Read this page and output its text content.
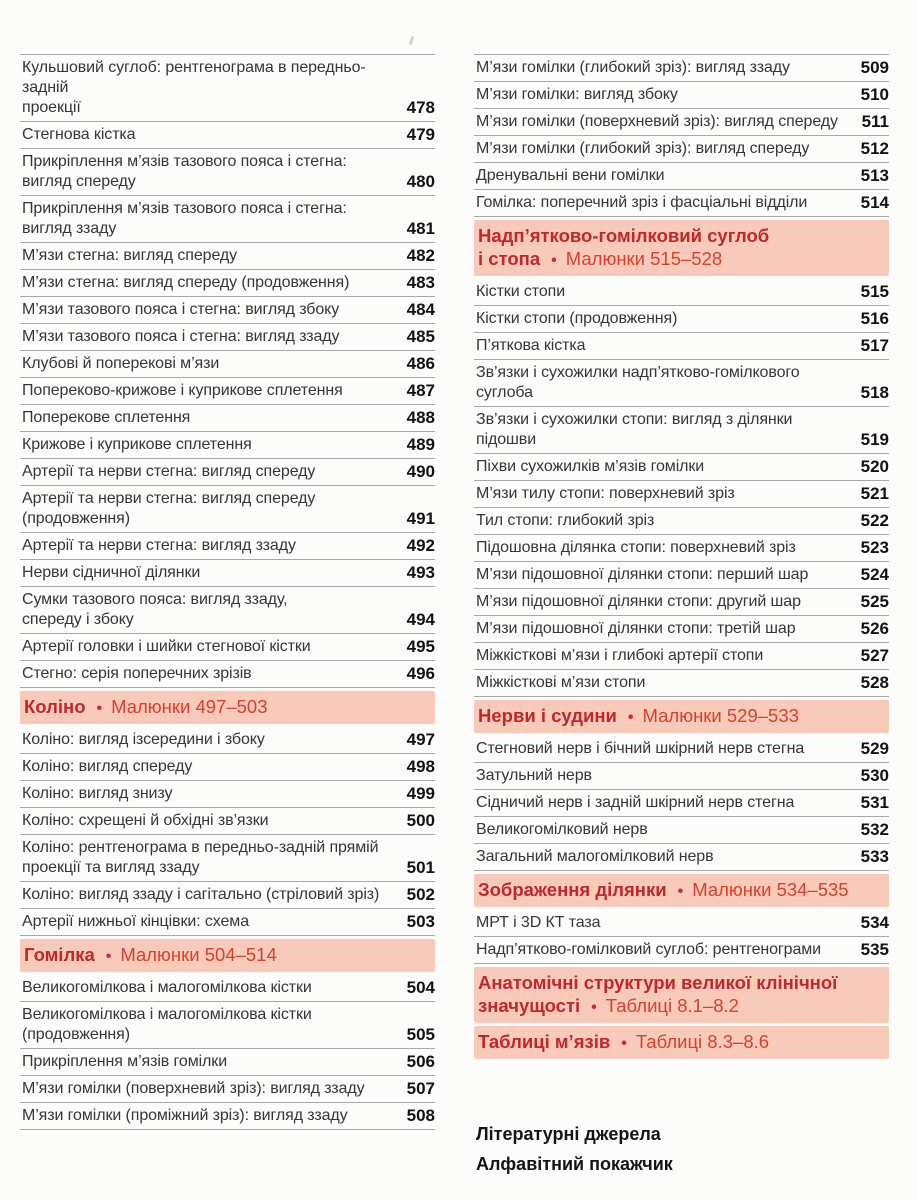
Кульшовий суглоб: рентгенограма в передньо-задній
проекції	478
Стегнова кістка	479
Прикріплення м’язів тазового пояса і стегна:
вигляд спереду	480
Прикріплення м’язів тазового пояса і стегна:
вигляд ззаду	481
М’язи стегна: вигляд спереду	482
М’язи стегна: вигляд спереду (продовження)	483
М’язи тазового пояса і стегна: вигляд збоку	484
М’язи тазового пояса і стегна: вигляд ззаду	485
Клубові й поперекові м’язи	486
Попереково-крижове і куприкове сплетення	487
Поперекове сплетення	488
Крижове і куприкове сплетення	489
Артерії та нерви стегна: вигляд спереду	490
Артерії та нерви стегна: вигляд спереду
(продовження)	491
Артерії та нерви стегна: вигляд ззаду	492
Нерви сідничної ділянки	493
Сумки тазового пояса: вигляд ззаду,
спереду і збоку	494
Артерії головки і шийки стегнової кістки	495
Стегно: серія поперечних зрізів	496
Коліно • Малюнки 497–503
Коліно: вигляд ізсередини і збоку	497
Коліно: вигляд спереду	498
Коліно: вигляд знизу	499
Коліно: схрещені й обхідні зв’язки	500
Коліно: рентгенограма в передньо-задній прямій
проекції та вигляд ззаду	501
Коліно: вигляд ззаду і сагітально (стріловий зріз)	502
Артерії нижньої кінцівки: схема	503
Гомілка • Малюнки 504–514
Великогомілкова і малогомілкова кістки	504
Великогомілкова і малогомілкова кістки
(продовження)	505
Прикріплення м’язів гомілки	506
М’язи гомілки (поверхневий зріз): вигляд ззаду	507
М’язи гомілки (проміжний зріз): вигляд ззаду	508
М’язи гомілки (глибокий зріз): вигляд ззаду	509
М’язи гомілки: вигляд збоку	510
М’язи гомілки (поверхневий зріз): вигляд спереду	511
М’язи гомілки (глибокий зріз): вигляд спереду	512
Дренувальні вени гомілки	513
Гомілка: поперечний зріз і фасціальні відділи	514
Надп’ятково-гомілковий суглоб
і стопа • Малюнки 515–528
Кістки стопи	515
Кістки стопи (продовження)	516
П’яткова кістка	517
Зв’язки і сухожилки надп’ятково-гомілкового суглоба	518
Зв’язки і сухожилки стопи: вигляд з ділянки підошви	519
Піхви сухожилків м’язів гомілки	520
М’язи тилу стопи: поверхневий зріз	521
Тил стопи: глибокий зріз	522
Підошовна ділянка стопи: поверхневий зріз	523
М’язи підошовної ділянки стопи: перший шар	524
М’язи підошовної ділянки стопи: другий шар	525
М’язи підошовної ділянки стопи: третій шар	526
Міжкісткові м’язи і глибокі артерії стопи	527
Міжкісткові м’язи стопи	528
Нерви і судини • Малюнки 529–533
Стегновий нерв і бічний шкірний нерв стегна	529
Затульний нерв	530
Сідничий нерв і задній шкірний нерв стегна	531
Великогомілковий нерв	532
Загальний малогомілковий нерв	533
Зображення ділянки • Малюнки 534–535
МРТ і 3D КТ таза	534
Надп’ятково-гомілковий суглоб: рентгенограми	535
Анатомічні структури великої клінічної
значущості • Таблиці 8.1–8.2
Таблиці м’язів • Таблиці 8.3–8.6
Літературні джерела
Алфавітний покажчик
